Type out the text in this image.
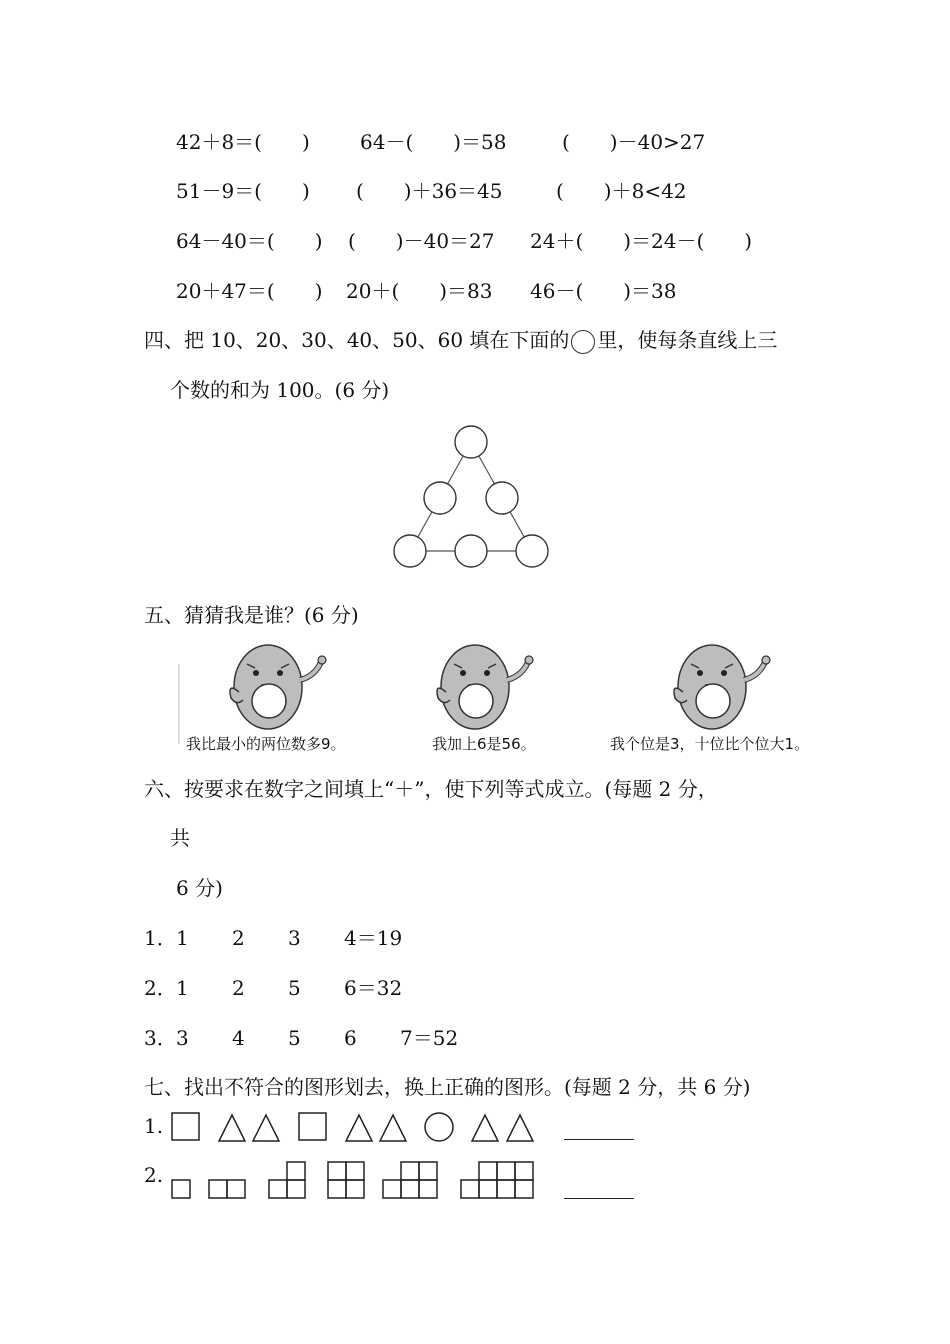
42＋8＝(　　)	64－(　　)＝58	(　　)－40>27
51－9＝(　　) (　　)＋36＝45	(　　)＋8<42
64－40＝(　　) (　　)－40＝27 24＋(　　)＝24－(　　)
20＋47＝(　　) 20＋(　　)＝83 46－(　　)＝38
四、把 10、20、30、40、50、60 填在下面的 里，使每条直线上三
个数的和为 100。(6 分)
五、猜猜我是谁？(6 分)
我比最小的两位数多9。	我加上6是56。	我个位是3，十位比个位大1。
六、按要求在数字之间填上“＋”，使下列等式成立。(每题 2 分，
共
6 分)
1． 1 2 3 4＝19
2． 1 2 5 6＝32
3． 3 4 5 6 7＝52
七、找出不符合的图形划去，换上正确的图形。(每题 2 分，共 6 分)
1.
2.
